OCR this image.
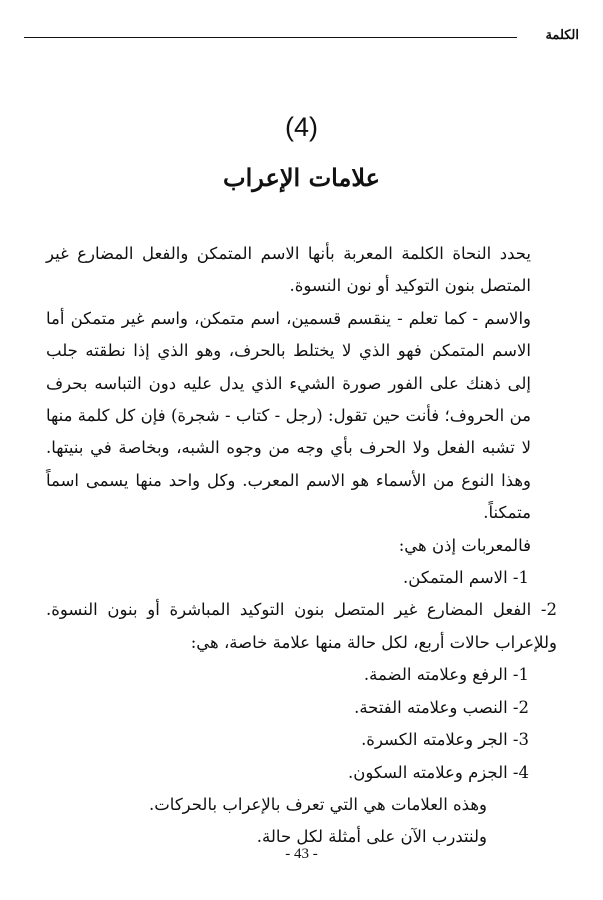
الكلمة
(4)
علامات الإعراب

يحدد النحاة الكلمة المعربة بأنها الاسم المتمكن والفعل المضارع غير المتصل بنون التوكيد أو نون النسوة.

والاسم - كما تعلم - ينقسم قسمين، اسم متمكن، واسم غير متمكن أما الاسم المتمكن فهو الذي لا يختلط بالحرف، وهو الذي إذا نطقته جلب إلى ذهنك على الفور صورة الشيء الذي يدل عليه دون التباسه بحرف من الحروف؛ فأنت حين تقول: (رجل - كتاب - شجرة) فإن كل كلمة منها لا تشبه الفعل ولا الحرف بأي وجه من وجوه الشبه، وبخاصة في بنيتها. وهذا النوع من الأسماء هو الاسم المعرب. وكل واحد منها يسمى اسماً متمكناً.

فالمعربات إذن هي:

1- الاسم المتمكن.

2- الفعل المضارع غير المتصل بنون التوكيد المباشرة أو بنون النسوة. وللإعراب حالات أربع، لكل حالة منها علامة خاصة، هي:

1- الرفع وعلامته الضمة.

2- النصب وعلامته الفتحة.

3- الجر وعلامته الكسرة.

4- الجزم وعلامته السكون.

وهذه العلامات هي التي تعرف بالإعراب بالحركات.

ولنتدرب الآن على أمثلة لكل حالة.

- 43 -
